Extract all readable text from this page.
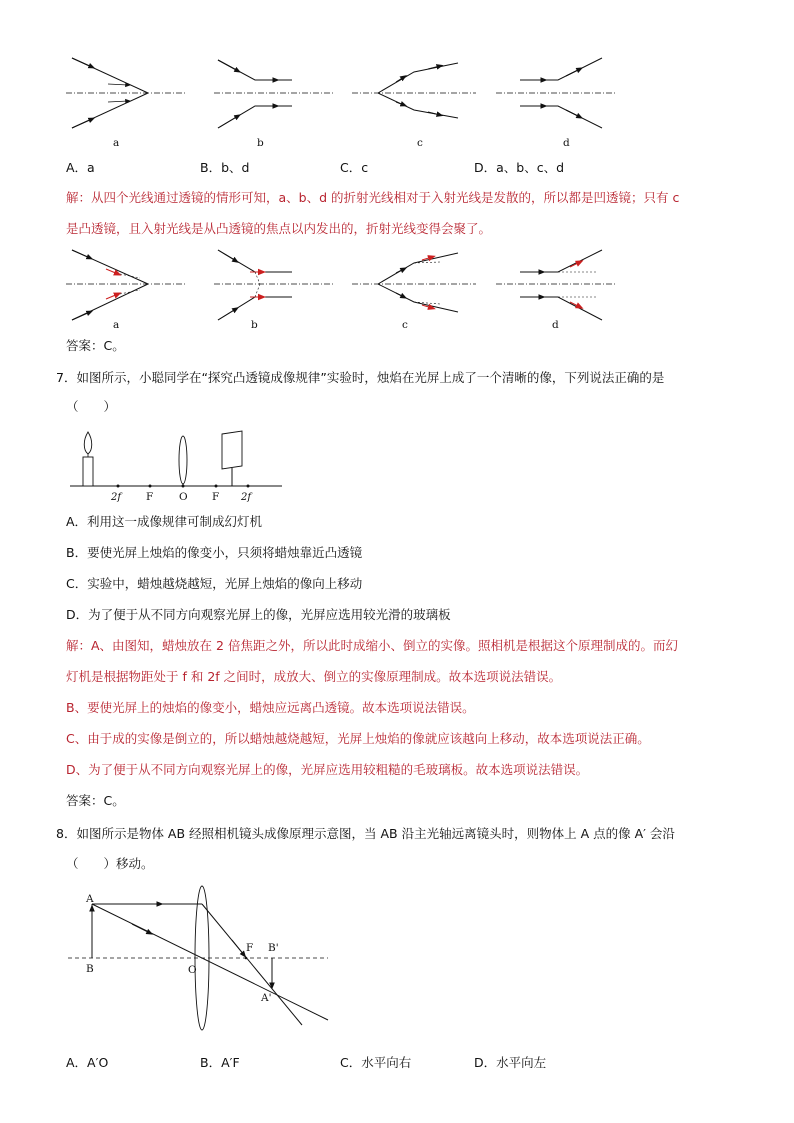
a	b	c	d
A．a	B．b、d	C．c	D．a、b、c、d
解：从四个光线通过透镜的情形可知，a、b、d 的折射光线相对于入射光线是发散的，所以都是凹透镜；只有 c
是凸透镜，且入射光线是从凸透镜的焦点以内发出的，折射光线变得会聚了。
a	b	c	d
答案：C。
7．如图所示，小聪同学在“探究凸透镜成像规律”实验时，烛焰在光屏上成了一个清晰的像，下列说法正确的是
（　　）
2f F O F 2f
A．利用这一成像规律可制成幻灯机
B．要使光屏上烛焰的像变小，只须将蜡烛靠近凸透镜
C．实验中，蜡烛越烧越短，光屏上烛焰的像向上移动
D．为了便于从不同方向观察光屏上的像，光屏应选用较光滑的玻璃板
解：A、由图知，蜡烛放在 2 倍焦距之外，所以此时成缩小、倒立的实像。照相机是根据这个原理制成的。而幻
灯机是根据物距处于 f 和 2f 之间时，成放大、倒立的实像原理制成。故本选项说法错误。
B、要使光屏上的烛焰的像变小，蜡烛应远离凸透镜。故本选项说法错误。
C、由于成的实像是倒立的，所以蜡烛越烧越短，光屏上烛焰的像就应该越向上移动，故本选项说法正确。
D、为了便于从不同方向观察光屏上的像，光屏应选用较粗糙的毛玻璃板。故本选项说法错误。
答案：C。
8．如图所示是物体 AB 经照相机镜头成像原理示意图，当 AB 沿主光轴远离镜头时，则物体上 A 点的像 A′ 会沿
（　　）移动。
A
B	O
F B'
A'
A．A′O	B．A′F	C．水平向右	D．水平向左
